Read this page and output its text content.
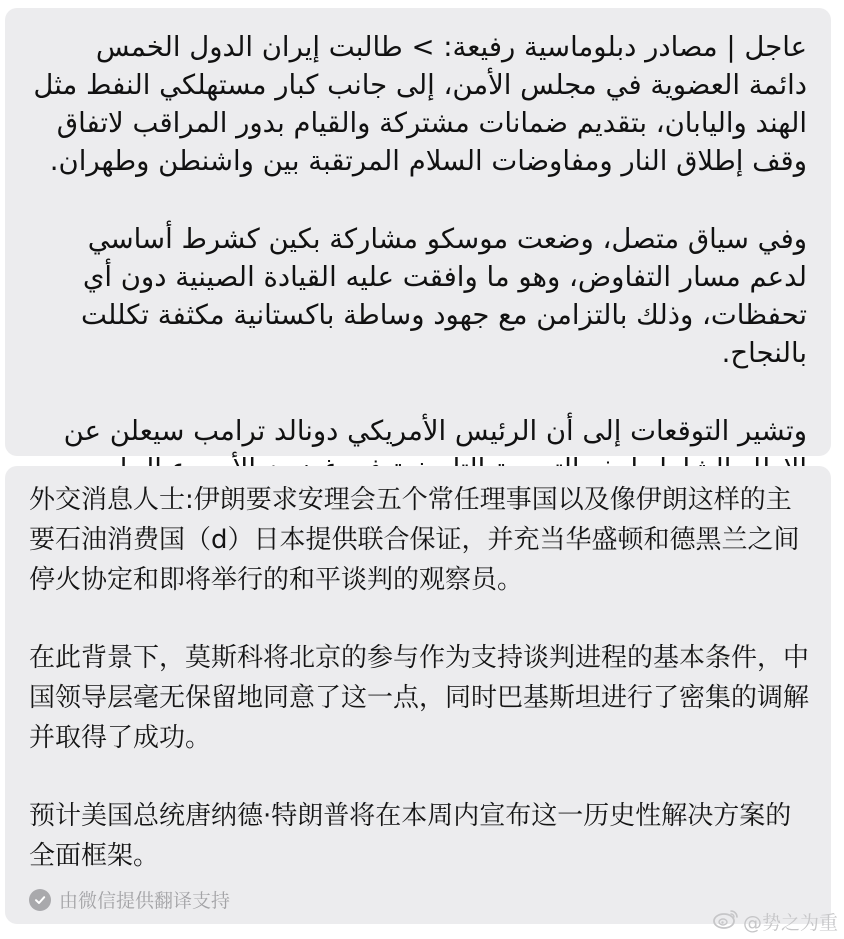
عاجل | مصادر دبلوماسية رفيعة: > طالبت إيران الدول الخمس دائمة العضوية في مجلس الأمن، إلى جانب كبار مستهلكي النفط مثل الهند واليابان، بتقديم ضمانات مشتركة والقيام بدور المراقب لاتفاق وقف إطلاق النار ومفاوضات السلام المرتقبة بين واشنطن وطهران.

وفي سياق متصل، وضعت موسكو مشاركة بكين كشرط أساسي لدعم مسار التفاوض، وهو ما وافقت عليه القيادة الصينية دون أي تحفظات، وذلك بالتزامن مع جهود وساطة باكستانية مكثفة تكللت بالنجاح.

وتشير التوقعات إلى أن الرئيس الأمريكي دونالد ترامب سيعلن عن

外交消息人士:伊朗要求安理会五个常任理事国以及像伊朗这样的主要石油消费国（d）日本提供联合保证，并充当华盛顿和德黑兰之间停火协定和即将举行的和平谈判的观察员。

在此背景下，莫斯科将北京的参与作为支持谈判进程的基本条件，中国领导层毫无保留地同意了这一点，同时巴基斯坦进行了密集的调解并取得了成功。

预计美国总统唐纳德·特朗普将在本周内宣布这一历史性解决方案的全面框架。

由微信提供翻译支持
@势之为重
